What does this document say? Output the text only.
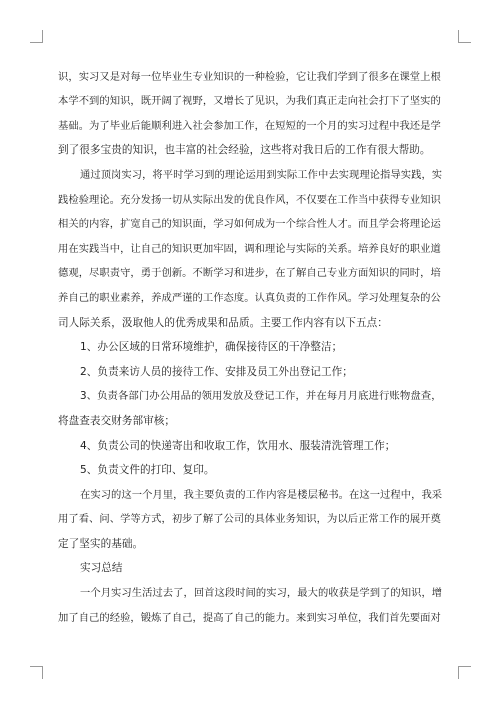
识，实习又是对每一位毕业生专业知识的一种检验，它让我们学到了很多在课堂上根
本学不到的知识，既开阔了视野，又增长了见识，为我们真正走向社会打下了坚实的
基础。为了毕业后能顺利进入社会参加工作，在短短的一个月的实习过程中我还是学
到了很多宝贵的知识，也丰富的社会经验，这些将对我日后的工作有很大帮助。
通过顶岗实习，将平时学习到的理论运用到实际工作中去实现理论指导实践，实
践检验理论。充分发扬一切从实际出发的优良作风，不仅要在工作当中获得专业知识
相关的内容，扩宽自己的知识面，学习如何成为一个综合性人才。而且学会将理论运
用在实践当中，让自己的知识更加牢固，调和理论与实际的关系。培养良好的职业道
德观，尽职责守，勇于创新。不断学习和进步，在了解自己专业方面知识的同时，培
养自己的职业素养，养成严谨的工作态度。认真负责的工作作风。学习处理复杂的公
司人际关系，汲取他人的优秀成果和品质。主要工作内容有以下五点：
1、办公区域的日常环境维护，确保接待区的干净整洁；
2、负责来访人员的接待工作、安排及员工外出登记工作；
3、负责各部门办公用品的领用发放及登记工作，并在每月月底进行账物盘查，
将盘查表交财务部审核；
4、负责公司的快递寄出和收取工作，饮用水、服装清洗管理工作；
5、负责文件的打印、复印。
在实习的这一个月里，我主要负责的工作内容是楼层秘书。在这一过程中，我采
用了看、问、学等方式，初步了解了公司的具体业务知识，为以后正常工作的展开奠
定了坚实的基础。
实习总结
一个月实习生活过去了，回首这段时间的实习，最大的收获是学到了的知识，增
加了自己的经验，锻炼了自己，提高了自己的能力。来到实习单位，我们首先要面对
